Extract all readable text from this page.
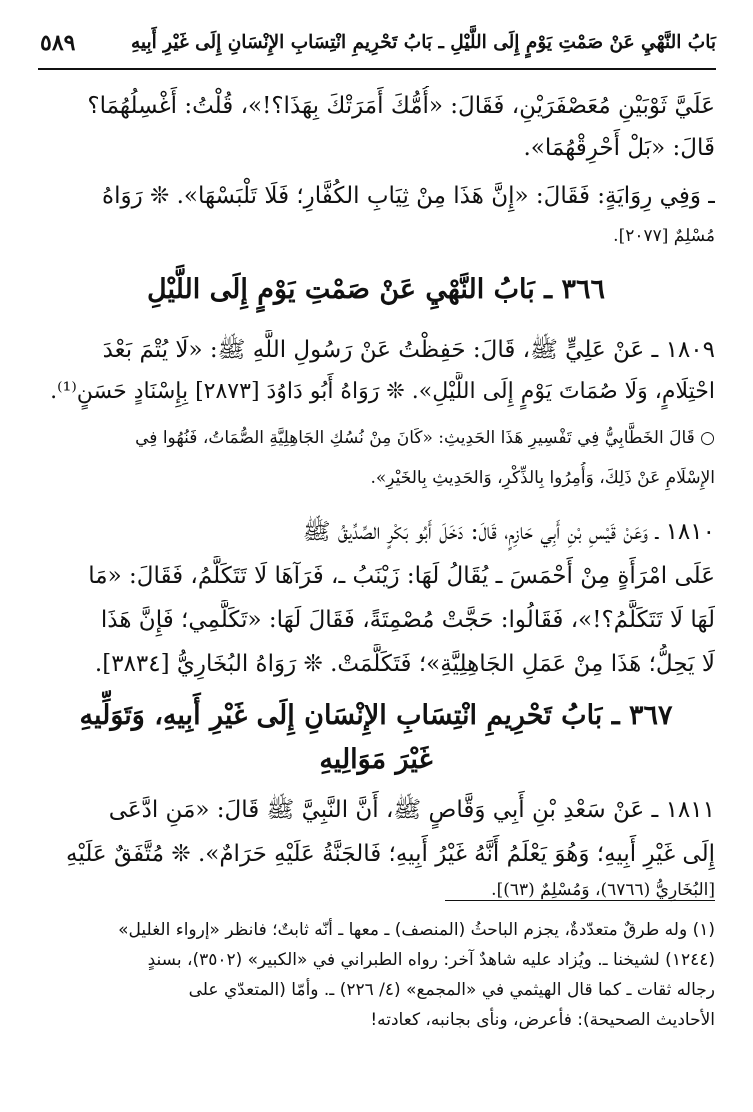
بَابُ النَّهْيِ عَنْ صَمْتِ يَوْمٍ إِلَى اللَّيْلِ ـ بَابُ تَحْرِيمِ انْتِسَابِ الإِنْسَانِ إِلَى غَيْرِ أَبِيهِ
٥٨٩
عَلَيَّ ثَوْبَيْنِ مُعَصْفَرَيْنِ، فَقَالَ: «أُمُّكَ أَمَرَتْكَ بِهَذَا؟!»، قُلْتُ: أَغْسِلُهُمَا؟
قَالَ: «بَلْ أَحْرِقْهُمَا».
ـ وَفِي رِوَايَةٍ: فَقَالَ: «إِنَّ هَذَا مِنْ ثِيَابِ الكُفَّارِ؛ فَلَا تَلْبَسْهَا». ❊ رَوَاهُ
مُسْلِمٌ [٢٠٧٧].
٣٦٦ ـ بَابُ النَّهْيِ عَنْ صَمْتِ يَوْمٍ إِلَى اللَّيْلِ
١٨٠٩ ـ عَنْ عَلِيٍّ ﷺ، قَالَ: حَفِظْتُ عَنْ رَسُولِ اللَّهِ ﷺ: «لَا يُتْمَ بَعْدَ
احْتِلَامٍ، وَلَا صُمَاتَ يَوْمٍ إِلَى اللَّيْلِ». ❊ رَوَاهُ أَبُو دَاوُدَ [٢٨٧٣] بِإِسْنَادٍ حَسَنٍ⁽¹⁾.
○ قَالَ الخَطَّابِيُّ فِي تَفْسِيرِ هَذَا الحَدِيثِ: «كَانَ مِنْ نُسُكِ الجَاهِلِيَّةِ الصُّمَاتُ، فَنُهُوا فِي
الإِسْلَامِ عَنْ ذَلِكَ، وَأُمِرُوا بِالذِّكْرِ، وَالحَدِيثِ بِالخَيْرِ».
١٨١٠ ـ وَعَنْ قَيْسِ بْنِ أَبِي حَازِمٍ، قَالَ: دَخَلَ أَبُو بَكْرٍ الصِّدِّيقُ ﷺ
عَلَى امْرَأَةٍ مِنْ أَحْمَسَ ـ يُقَالُ لَهَا: زَيْنَبُ ـ، فَرَآهَا لَا تَتَكَلَّمُ، فَقَالَ: «مَا
لَهَا لَا تَتَكَلَّمُ؟!»، فَقَالُوا: حَجَّتْ مُصْمِتَةً، فَقَالَ لَهَا: «تَكَلَّمِي؛ فَإِنَّ هَذَا
لَا يَحِلُّ؛ هَذَا مِنْ عَمَلِ الجَاهِلِيَّةِ»؛ فَتَكَلَّمَتْ. ❊ رَوَاهُ البُخَارِيُّ [٣٨٣٤].
٣٦٧ ـ بَابُ تَحْرِيمِ انْتِسَابِ الإِنْسَانِ إِلَى غَيْرِ أَبِيهِ، وَتَوَلِّيهِ
غَيْرَ مَوَالِيهِ
١٨١١ ـ عَنْ سَعْدِ بْنِ أَبِي وَقَّاصٍ ﷺ، أَنَّ النَّبِيَّ ﷺ قَالَ: «مَنِ ادَّعَى
إِلَى غَيْرِ أَبِيهِ؛ وَهُوَ يَعْلَمُ أَنَّهُ غَيْرُ أَبِيهِ؛ فَالجَنَّةُ عَلَيْهِ حَرَامٌ». ❊ مُتَّفَقٌ عَلَيْهِ
[البُخَارِيُّ (٦٧٦٦)، وَمُسْلِمٌ (٦٣)].
(١) وله طرقٌ متعدّدةٌ، يجزم الباحثُ (المنصف) ـ معها ـ أنّه ثابتٌ؛ فانظر «إرواء الغليل»
(١٢٤٤) لشيخنا ـ. ويُزاد عليه شاهدٌ آخر: رواه الطبراني في «الكبير» (٣٥٠٢)، بسندٍ
رجاله ثقات ـ كما قال الهيثمي في «المجمع» (٤/ ٢٢٦) ـ. وأمّا (المتعدّي على
الأحاديث الصحيحة): فأعرض، ونأى بجانبه، كعادته!
